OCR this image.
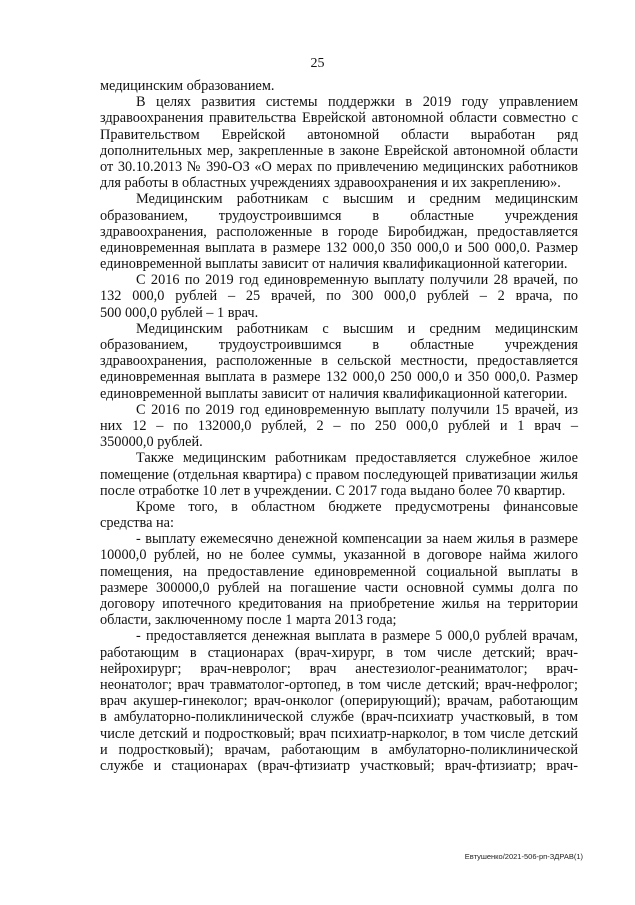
25
медицинским образованием.
В целях развития системы поддержки в 2019 году управлением
здравоохранения правительства Еврейской автономной области совместно с
Правительством Еврейской автономной области выработан ряд
дополнительных мер, закрепленные в законе Еврейской автономной области
от 30.10.2013 № 390-ОЗ «О мерах по привлечению медицинских работников
для работы в областных учреждениях здравоохранения и их закреплению».
Медицинским работникам с высшим и средним медицинским
образованием, трудоустроившимся в областные учреждения
здравоохранения, расположенные в городе Биробиджан, предоставляется
единовременная выплата в размере 132 000,0 350 000,0 и 500 000,0. Размер
единовременной выплаты зависит от наличия квалификационной категории.
С 2016 по 2019 год единовременную выплату получили 28 врачей, по
132 000,0 рублей – 25 врачей, по 300 000,0 рублей – 2 врача, по
500 000,0 рублей – 1 врач.
Медицинским работникам с высшим и средним медицинским
образованием, трудоустроившимся в областные учреждения
здравоохранения, расположенные в сельской местности, предоставляется
единовременная выплата в размере 132 000,0 250 000,0 и 350 000,0. Размер
единовременной выплаты зависит от наличия квалификационной категории.
С 2016 по 2019 год единовременную выплату получили 15 врачей, из
них 12 – по 132000,0 рублей, 2 – по 250 000,0 рублей и 1 врач –
350000,0 рублей.
Также медицинским работникам предоставляется служебное жилое
помещение (отдельная квартира) с правом последующей приватизации жилья
после отработке 10 лет в учреждении. С 2017 года выдано более 70 квартир.
Кроме того, в областном бюджете предусмотрены финансовые
средства на:
- выплату ежемесячно денежной компенсации за наем жилья в размере
10000,0 рублей, но не более суммы, указанной в договоре найма жилого
помещения, на предоставление единовременной социальной выплаты в
размере 300000,0 рублей на погашение части основной суммы долга по
договору ипотечного кредитования на приобретение жилья на территории
области, заключенному после 1 марта 2013 года;
- предоставляется денежная выплата в размере 5 000,0 рублей врачам,
работающим в стационарах (врач-хирург, в том числе детский; врач-
нейрохирург; врач-невролог; врач анестезиолог-реаниматолог; врач-
неонатолог; врач травматолог-ортопед, в том числе детский; врач-нефролог;
врач акушер-гинеколог; врач-онколог (оперирующий); врачам, работающим
в амбулаторно-поликлинической службе (врач-психиатр участковый, в том
числе детский и подростковый; врач психиатр-нарколог, в том числе детский
и подростковый); врачам, работающим в амбулаторно-поликлинической
службе и стационарах (врач-фтизиатр участковый; врач-фтизиатр; врач-
Евтушенко/2021-506-рп-ЗДРАВ(1)
